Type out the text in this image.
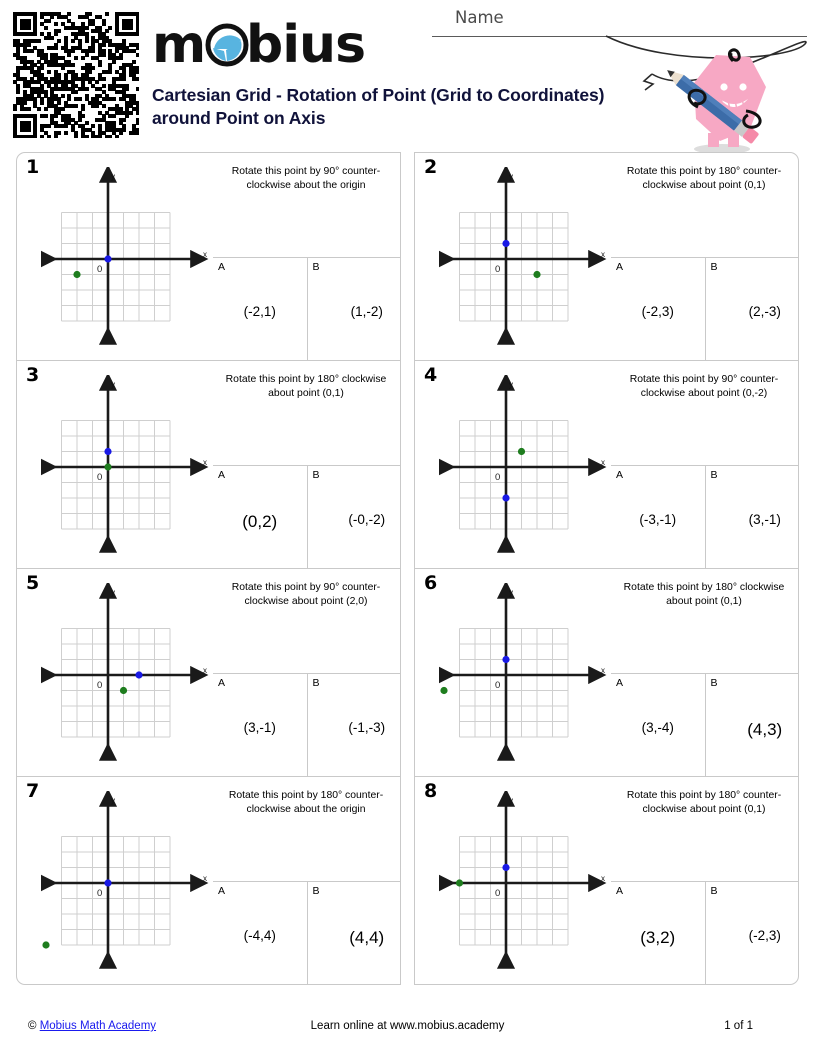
m bius
Cartesian Grid - Rotation of Point (Grid to Coordinates) around Point on Axis
Name
1
x
y
0
Rotate this point by 90° counter-clockwise about the origin
A
(-2,1)
B
(1,-2)
2
x
y
0
Rotate this point by 180° counter-clockwise about point (0,1)
A
(-2,3)
B
(2,-3)
3
x
y
0
Rotate this point by 180° clockwise about point (0,1)
A
(0,2)
B
(-0,-2)
4
x
y
0
Rotate this point by 90° counter-clockwise about point (0,-2)
A
(-3,-1)
B
(3,-1)
5
x
y
0
Rotate this point by 90° counter-clockwise about point (2,0)
A
(3,-1)
B
(-1,-3)
6
x
y
0
Rotate this point by 180° clockwise about point (0,1)
A
(3,-4)
B
(4,3)
7
x
y
0
Rotate this point by 180° counter-clockwise about the origin
A
(-4,4)
B
(4,4)
8
x
y
0
Rotate this point by 180° counter-clockwise about point (0,1)
A
(3,2)
B
(-2,3)
© Mobius Math Academy	Learn online at www.mobius.academy	1 of 1
